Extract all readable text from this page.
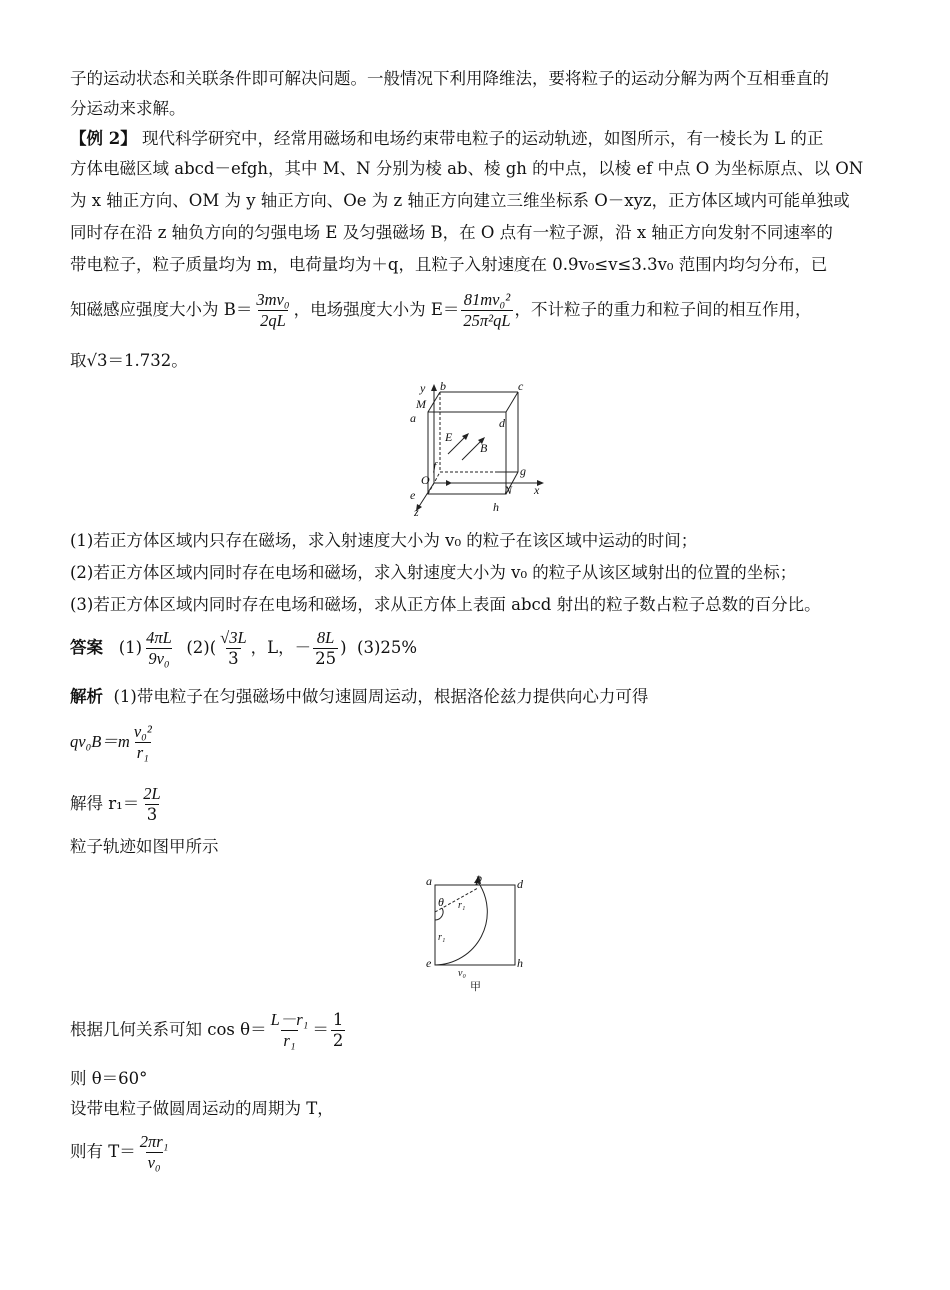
子的运动状态和关联条件即可解决问题。一般情况下利用降维法，要将粒子的运动分解为两个互相垂直的
分运动来求解。
【例 2】 现代科学研究中，经常用磁场和电场约束带电粒子的运动轨迹，如图所示，有一棱长为 L 的正
方体电磁区域 abcd－efgh，其中 M、N 分别为棱 ab、棱 gh 的中点，以棱 ef 中点 O 为坐标原点、以 ON
为 x 轴正方向、OM 为 y 轴正方向、Oe 为 z 轴正方向建立三维坐标系 O－xyz，正方体区域内可能单独或
同时存在沿 z 轴负方向的匀强电场 E 及匀强磁场 B，在 O 点有一粒子源，沿 x 轴正方向发射不同速率的
带电粒子，粒子质量均为 m，电荷量均为＋q，且粒子入射速度在 0.9v₀≤v≤3.3v₀ 范围内均匀分布，已
知磁感应强度大小为 $B= \frac{\text{3mv₀}}{2qL}$ ，电场强度大小为 $E= \frac{\text{81mv₀²}}{\text{25π²qL}}$ ，不计粒子的重力和粒子间的相互作用，
取√3＝1.732。
y b	c
M
a	d
E
B
f	g
O
N x
e
z	h
(1)若正方体区域内只存在磁场，求入射速度大小为 v₀ 的粒子在该区域中运动的时间；
(2)若正方体区域内同时存在电场和磁场，求入射速度大小为 v₀ 的粒子从该区域射出的位置的坐标；
(3)若正方体区域内同时存在电场和磁场，求从正方体上表面 abcd 射出的粒子数占粒子总数的百分比。
答案 $(1) \frac{4\pi L}{\text{9v₀}} (2)( \frac{√3L}{3}$ ，L，－ $\frac{8L}{25}$ ) (3)25%
解析 (1)带电粒子在匀强磁场中做匀速圆周运动，根据洛伦兹力提供向心力可得
$qv_0B=m \frac{\text{v₀²}}{\text{r₁}}$
解得 $r_1= \frac{2L}{3}$
粒子轨迹如图甲所示
a	p	d
θ r₁
r₁
e
v₀
h
甲
根据几何关系可知 $\cos \theta= \frac{\text{L－r₁}}{\text{r₁}} = \frac{1}{2}$
则 θ＝60°
设带电粒子做圆周运动的周期为 T，
则有 $T= \frac{\text{2πr₁}}{\text{v₀}}$
